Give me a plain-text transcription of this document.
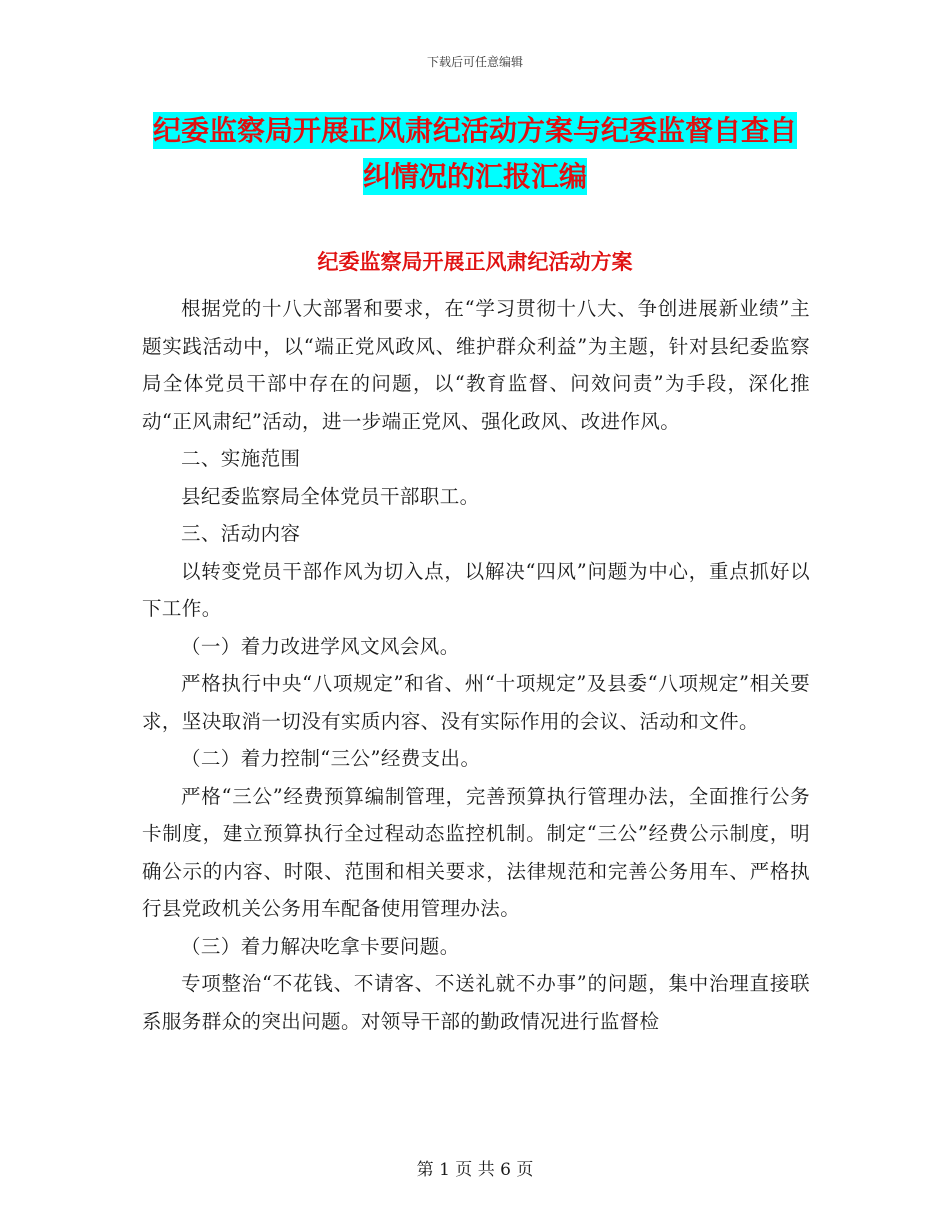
下载后可任意编辑
纪委监察局开展正风肃纪活动方案与纪委监督自查自
纠情况的汇报汇编
纪委监察局开展正风肃纪活动方案

根据党的十八大部署和要求，在“学习贯彻十八大、争创进展新业绩”主题实践活动中，以“端正党风政风、维护群众利益”为主题，针对县纪委监察局全体党员干部中存在的问题，以“教育监督、问效问责”为手段，深化推动“正风肃纪”活动，进一步端正党风、强化政风、改进作风。

二、实施范围

县纪委监察局全体党员干部职工。

三、活动内容

以转变党员干部作风为切入点，以解决“四风”问题为中心，重点抓好以下工作。

（一）着力改进学风文风会风。

严格执行中央“八项规定”和省、州“十项规定”及县委“八项规定”相关要求，坚决取消一切没有实质内容、没有实际作用的会议、活动和文件。

（二）着力控制“三公”经费支出。

严格“三公”经费预算编制管理，完善预算执行管理办法，全面推行公务卡制度，建立预算执行全过程动态监控机制。制定“三公”经费公示制度，明确公示的内容、时限、范围和相关要求，法律规范和完善公务用车、严格执行县党政机关公务用车配备使用管理办法。

（三）着力解决吃拿卡要问题。

专项整治“不花钱、不请客、不送礼就不办事”的问题，集中治理直接联系服务群众的突出问题。对领导干部的勤政情况进行监督检

第 1 页 共 6 页
